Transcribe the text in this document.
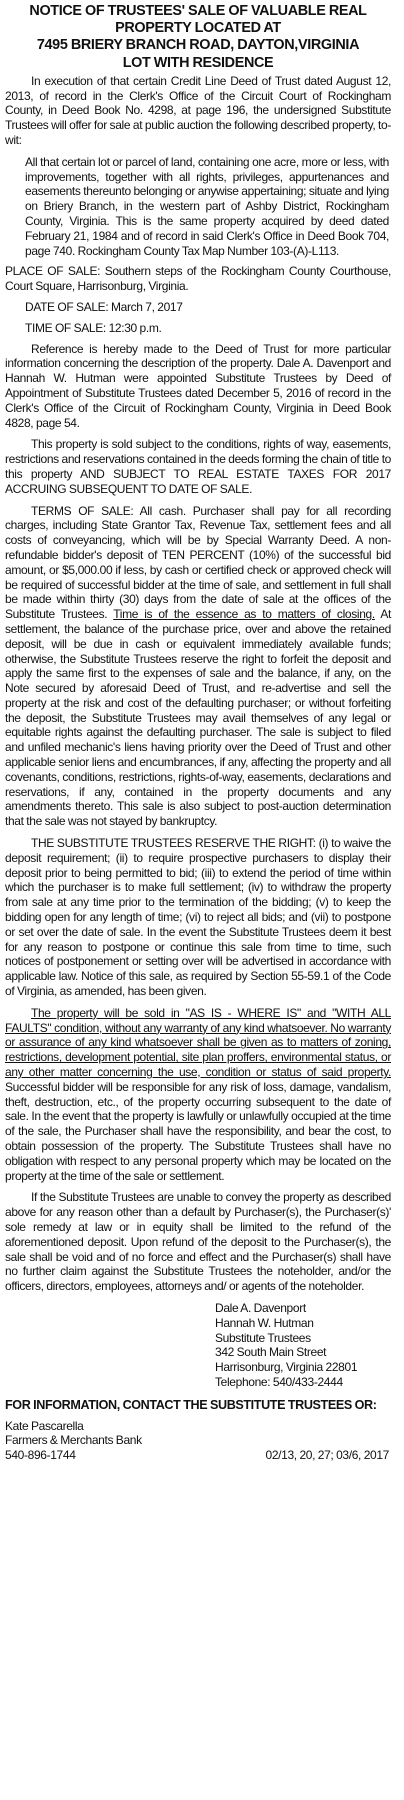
NOTICE OF TRUSTEES' SALE OF VALUABLE REAL
PROPERTY LOCATED AT
7495 BRIERY BRANCH ROAD, DAYTON,VIRGINIA
LOT WITH RESIDENCE

In execution of that certain Credit Line Deed of Trust dated August 12, 2013, of record in the Clerk's Office of the Circuit Court of Rockingham County, in Deed Book No. 4298, at page 196, the undersigned Substitute Trustees will offer for sale at public auction the following described property, to-wit:

All that certain lot or parcel of land, containing one acre, more or less, with improvements, together with all rights, privileges, appurtenances and easements thereunto belonging or anywise appertaining; situate and lying on Briery Branch, in the western part of Ashby District, Rockingham County, Virginia. This is the same property acquired by deed dated February 21, 1984 and of record in said Clerk's Office in Deed Book 704, page 740. Rockingham County Tax Map Number 103-(A)-L113.

PLACE OF SALE: Southern steps of the Rockingham County Courthouse, Court Square, Harrisonburg, Virginia.

DATE OF SALE: March 7, 2017
TIME OF SALE: 12:30 p.m.

Reference is hereby made to the Deed of Trust for more particular information concerning the description of the property. Dale A. Davenport and Hannah W. Hutman were appointed Substitute Trustees by Deed of Appointment of Substitute Trustees dated December 5, 2016 of record in the Clerk's Office of the Circuit of Rockingham County, Virginia in Deed Book 4828, page 54.

This property is sold subject to the conditions, rights of way, easements, restrictions and reservations contained in the deeds forming the chain of title to this property AND SUBJECT TO REAL ESTATE TAXES FOR 2017 ACCRUING SUBSEQUENT TO DATE OF SALE.

TERMS OF SALE: All cash. Purchaser shall pay for all recording charges, including State Grantor Tax, Revenue Tax, settlement fees and all costs of conveyancing, which will be by Special Warranty Deed. A non-refundable bidder's deposit of TEN PERCENT (10%) of the successful bid amount, or $5,000.00 if less, by cash or certified check or approved check will be required of successful bidder at the time of sale, and settlement in full shall be made within thirty (30) days from the date of sale at the offices of the Substitute Trustees. Time is of the essence as to matters of closing. At settlement, the balance of the purchase price, over and above the retained deposit, will be due in cash or equivalent immediately available funds; otherwise, the Substitute Trustees reserve the right to forfeit the deposit and apply the same first to the expenses of sale and the balance, if any, on the Note secured by aforesaid Deed of Trust, and re-advertise and sell the property at the risk and cost of the defaulting purchaser; or without forfeiting the deposit, the Substitute Trustees may avail themselves of any legal or equitable rights against the defaulting purchaser. The sale is subject to filed and unfiled mechanic's liens having priority over the Deed of Trust and other applicable senior liens and encumbrances, if any, affecting the property and all covenants, conditions, restrictions, rights-of-way, easements, declarations and reservations, if any, contained in the property documents and any amendments thereto. This sale is also subject to post-auction determination that the sale was not stayed by bankruptcy.

THE SUBSTITUTE TRUSTEES RESERVE THE RIGHT: (i) to waive the deposit requirement; (ii) to require prospective purchasers to display their deposit prior to being permitted to bid; (iii) to extend the period of time within which the purchaser is to make full settlement; (iv) to withdraw the property from sale at any time prior to the termination of the bidding; (v) to keep the bidding open for any length of time; (vi) to reject all bids; and (vii) to postpone or set over the date of sale. In the event the Substitute Trustees deem it best for any reason to postpone or continue this sale from time to time, such notices of postponement or setting over will be advertised in accordance with applicable law. Notice of this sale, as required by Section 55-59.1 of the Code of Virginia, as amended, has been given.

The property will be sold in "AS IS - WHERE IS" and "WITH ALL FAULTS" condition, without any warranty of any kind whatsoever. No warranty or assurance of any kind whatsoever shall be given as to matters of zoning, restrictions, development potential, site plan proffers, environmental status, or any other matter concerning the use, condition or status of said property. Successful bidder will be responsible for any risk of loss, damage, vandalism, theft, destruction, etc., of the property occurring subsequent to the date of sale. In the event that the property is lawfully or unlawfully occupied at the time of the sale, the Purchaser shall have the responsibility, and bear the cost, to obtain possession of the property. The Substitute Trustees shall have no obligation with respect to any personal property which may be located on the property at the time of the sale or settlement.

If the Substitute Trustees are unable to convey the property as described above for any reason other than a default by Purchaser(s), the Purchaser(s)' sole remedy at law or in equity shall be limited to the refund of the aforementioned deposit. Upon refund of the deposit to the Purchaser(s), the sale shall be void and of no force and effect and the Purchaser(s) shall have no further claim against the Substitute Trustees the noteholder, and/or the officers, directors, employees, attorneys and/ or agents of the noteholder.

Dale A. Davenport
Hannah W. Hutman
Substitute Trustees
342 South Main Street
Harrisonburg, Virginia 22801
Telephone: 540/433-2444
FOR INFORMATION, CONTACT THE SUBSTITUTE TRUSTEES OR:
Kate Pascarella
Farmers & Merchants Bank
540-896-1744	02/13, 20, 27; 03/6, 2017
